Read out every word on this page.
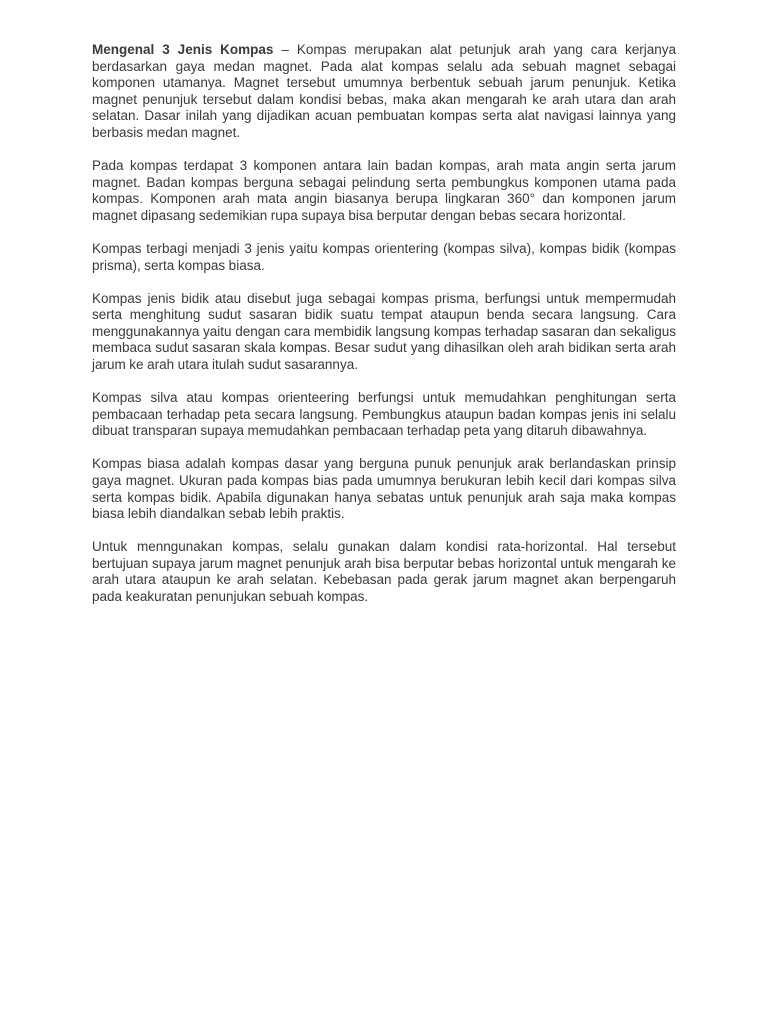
Mengenal 3 Jenis Kompas – Kompas merupakan alat petunjuk arah yang cara kerjanya berdasarkan gaya medan magnet. Pada alat kompas selalu ada sebuah magnet sebagai komponen utamanya. Magnet tersebut umumnya berbentuk sebuah jarum penunjuk. Ketika magnet penunjuk tersebut dalam kondisi bebas, maka akan mengarah ke arah utara dan arah selatan. Dasar inilah yang dijadikan acuan pembuatan kompas serta alat navigasi lainnya yang berbasis medan magnet.

Pada kompas terdapat 3 komponen antara lain badan kompas, arah mata angin serta jarum magnet. Badan kompas berguna sebagai pelindung serta pembungkus komponen utama pada kompas. Komponen arah mata angin biasanya berupa lingkaran 360° dan komponen jarum magnet dipasang sedemikian rupa supaya bisa berputar dengan bebas secara horizontal.

Kompas terbagi menjadi 3 jenis yaitu kompas orientering (kompas silva), kompas bidik (kompas prisma), serta kompas biasa.

Kompas jenis bidik atau disebut juga sebagai kompas prisma, berfungsi untuk mempermudah serta menghitung sudut sasaran bidik suatu tempat ataupun benda secara langsung. Cara menggunakannya yaitu dengan cara membidik langsung kompas terhadap sasaran dan sekaligus membaca sudut sasaran skala kompas. Besar sudut yang dihasilkan oleh arah bidikan serta arah jarum ke arah utara itulah sudut sasarannya.

Kompas silva atau kompas orienteering berfungsi untuk memudahkan penghitungan serta pembacaan terhadap peta secara langsung. Pembungkus ataupun badan kompas jenis ini selalu dibuat transparan supaya memudahkan pembacaan terhadap peta yang ditaruh dibawahnya.

Kompas biasa adalah kompas dasar yang berguna punuk penunjuk arak berlandaskan prinsip gaya magnet. Ukuran pada kompas bias pada umumnya berukuran lebih kecil dari kompas silva serta kompas bidik. Apabila digunakan hanya sebatas untuk penunjuk arah saja maka kompas biasa lebih diandalkan sebab lebih praktis.

Untuk menngunakan kompas, selalu gunakan dalam kondisi rata-horizontal. Hal tersebut bertujuan supaya jarum magnet penunjuk arah bisa berputar bebas horizontal untuk mengarah ke arah utara ataupun ke arah selatan. Kebebasan pada gerak jarum magnet akan berpengaruh pada keakuratan penunjukan sebuah kompas.
